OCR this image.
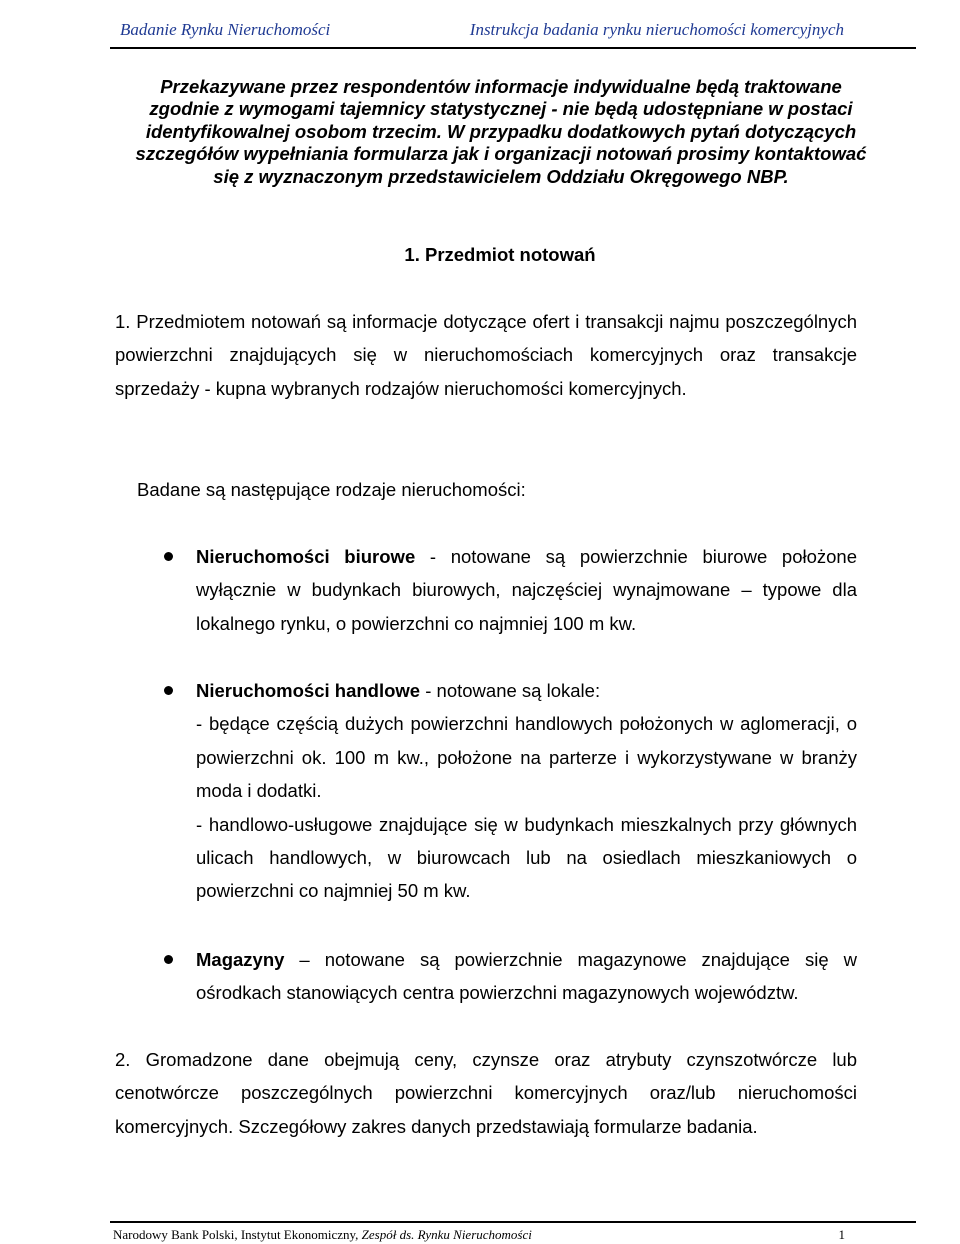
Badanie Rynku Nieruchomości	Instrukcja badania rynku nieruchomości komercyjnych
Przekazywane przez respondentów informacje indywidualne będą traktowane zgodnie z wymogami tajemnicy statystycznej - nie będą udostępniane w postaci identyfikowalnej osobom trzecim. W przypadku dodatkowych pytań dotyczących szczegółów wypełniania formularza jak i organizacji notowań prosimy kontaktować się z wyznaczonym przedstawicielem Oddziału Okręgowego NBP.
1. Przedmiot notowań
1. Przedmiotem notowań są informacje dotyczące ofert i transakcji najmu poszczególnych powierzchni znajdujących się w nieruchomościach komercyjnych oraz transakcje sprzedaży - kupna wybranych rodzajów nieruchomości komercyjnych.
Badane są następujące rodzaje nieruchomości:
Nieruchomości biurowe - notowane są powierzchnie biurowe położone wyłącznie w budynkach biurowych, najczęściej wynajmowane – typowe dla lokalnego rynku, o powierzchni co najmniej 100 m kw.
Nieruchomości handlowe - notowane są lokale:
- będące częścią dużych powierzchni handlowych położonych w aglomeracji, o powierzchni ok. 100 m kw., położone na parterze i wykorzystywane w branży moda i dodatki.
- handlowo-usługowe znajdujące się w budynkach mieszkalnych przy głównych ulicach handlowych, w biurowcach lub na osiedlach mieszkaniowych o powierzchni co najmniej 50 m kw.
Magazyny – notowane są powierzchnie magazynowe znajdujące się w ośrodkach stanowiących centra powierzchni magazynowych województw.
2. Gromadzone dane obejmują ceny, czynsze oraz atrybuty czynszotwórcze lub cenotwórcze poszczególnych powierzchni komercyjnych oraz/lub nieruchomości komercyjnych. Szczegółowy zakres danych przedstawiają formularze badania.
Narodowy Bank Polski, Instytut Ekonomiczny, Zespół ds. Rynku Nieruchomości	1
